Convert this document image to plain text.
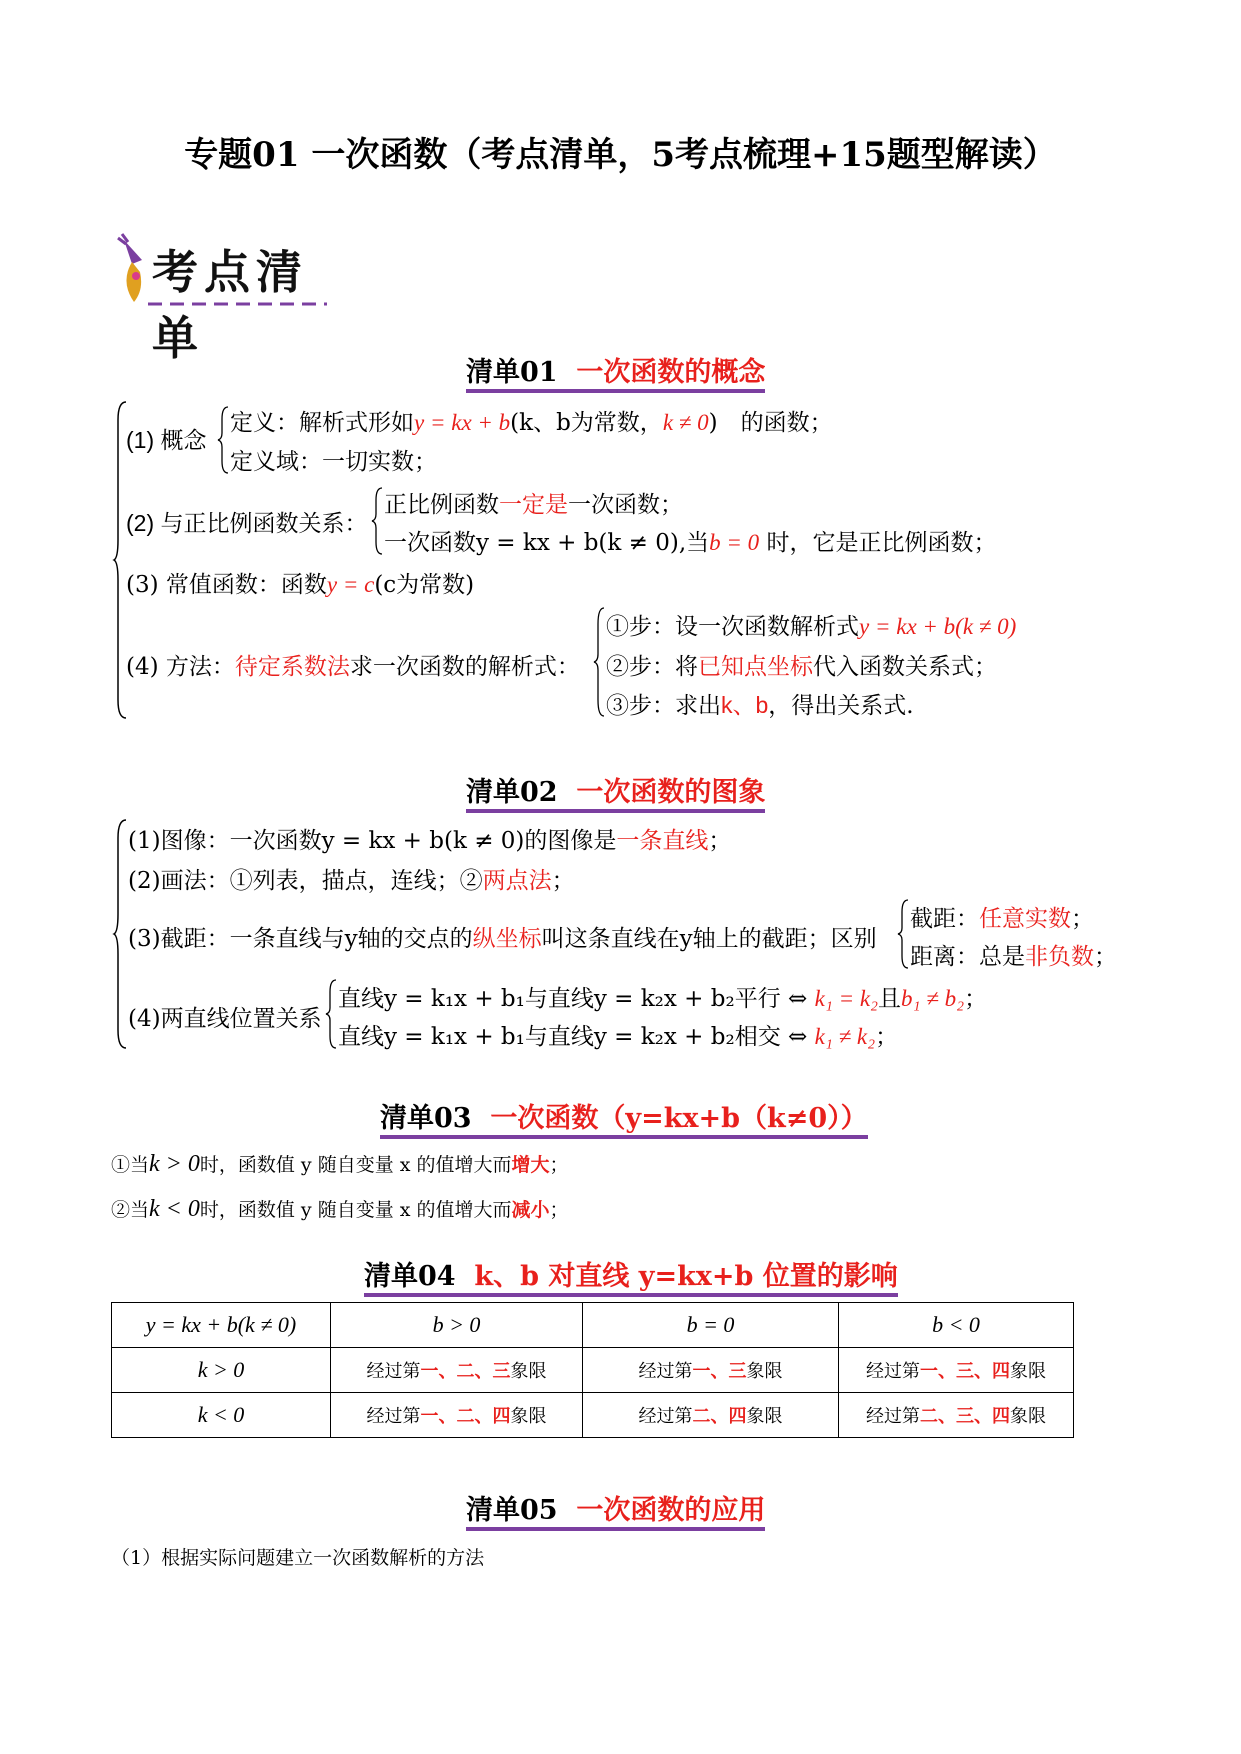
专题01 一次函数（考点清单，5考点梳理+15题型解读）
考点清单
清单01 一次函数的概念
(1) 概念
定义：解析式形如y = kx + b(k、b为常数，k ≠ 0)　的函数；
定义域：一切实数；
(2) 与正比例函数关系：
正比例函数一定是一次函数；
一次函数y = kx + b(k ≠ 0),当b = 0 时，它是正比例函数；
(3) 常值函数：函数y = c(c为常数)
(4) 方法：待定系数法求一次函数的解析式：
①步：设一次函数解析式y = kx + b(k ≠ 0)
②步：将已知点坐标代入函数关系式；
③步：求出k、b，得出关系式.
清单02 一次函数的图象
(1)图像：一次函数y = kx + b(k ≠ 0)的图像是一条直线；
(2)画法：①列表，描点，连线；②两点法；
(3)截距：一条直线与y轴的交点的纵坐标叫这条直线在y轴上的截距；区别
截距：任意实数；
距离：总是非负数；
(4)两直线位置关系
直线y = k₁x + b₁与直线y = k₂x + b₂平行 ⇔ k₁ = k₂且b₁ ≠ b₂；
直线y = k₁x + b₁与直线y = k₂x + b₂相交 ⇔ k₁ ≠ k₂；
清单03 一次函数（y=kx+b（k≠0））
①当k > 0时，函数值 y 随自变量 x 的值增大而增大；
②当k < 0时，函数值 y 随自变量 x 的值增大而减小；
清单04 k、b 对直线 y=kx+b 位置的影响
y = kx + b(k ≠ 0)	b > 0	b = 0	b < 0
k > 0	经过第一、二、三象限	经过第一、三象限	经过第一、三、四象限
k < 0	经过第一、二、四象限	经过第二、四象限	经过第二、三、四象限
清单05 一次函数的应用
（1）根据实际问题建立一次函数解析的方法
